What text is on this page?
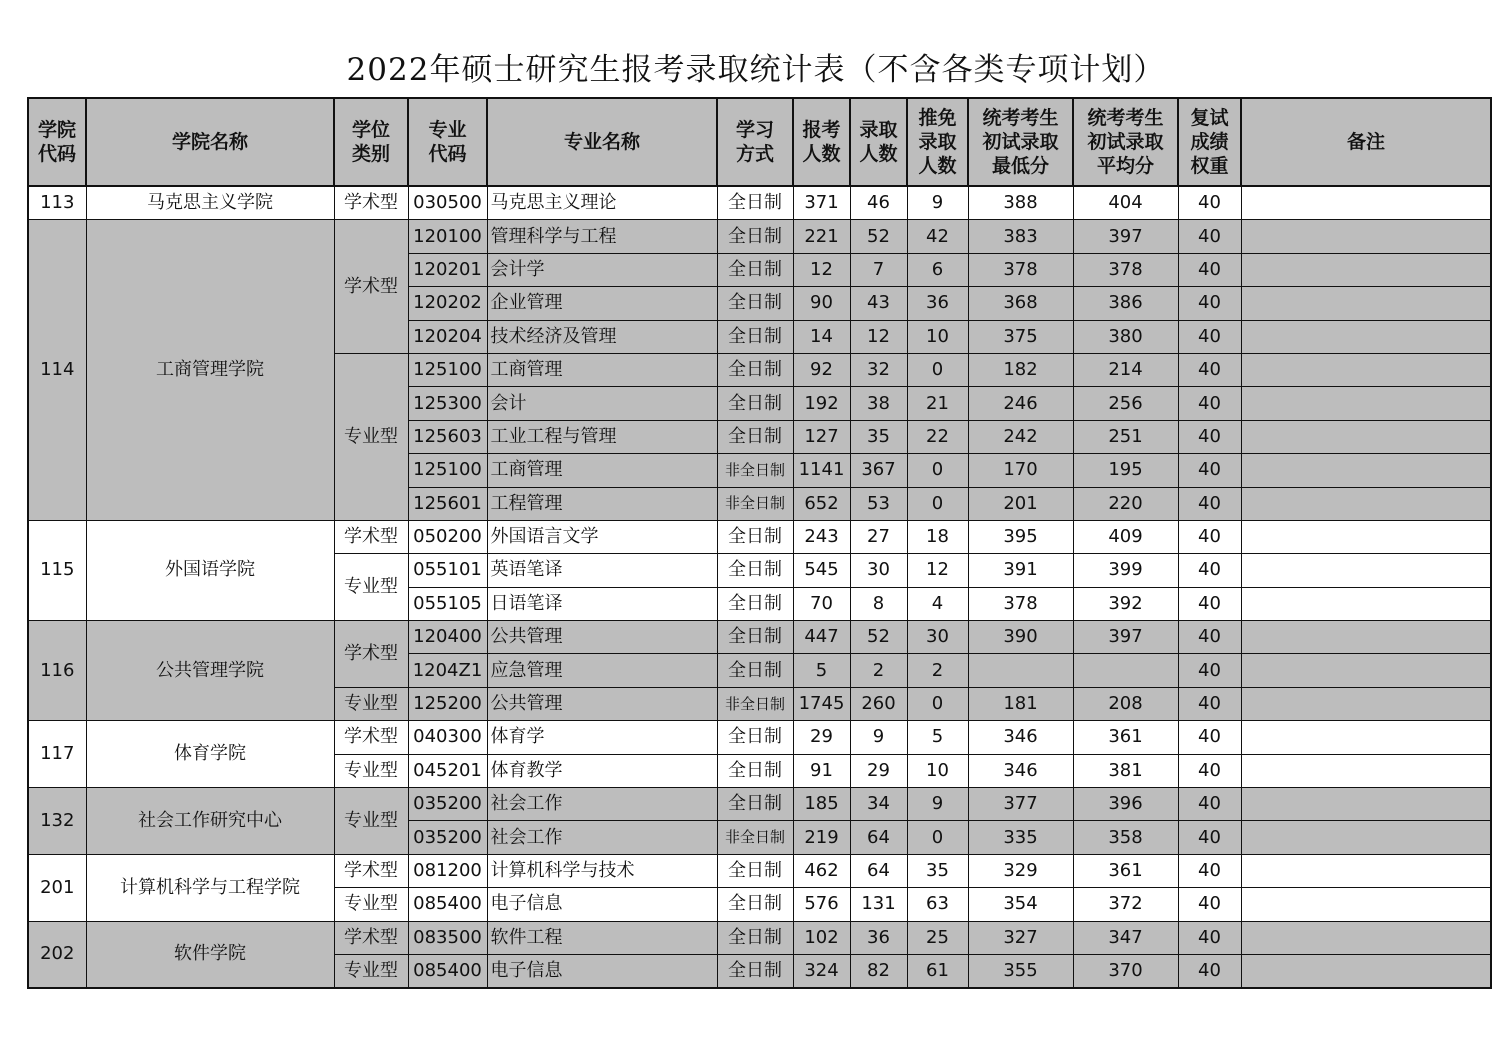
2022年硕士研究生报考录取统计表（不含各类专项计划）
学院代码	学院名称	学位类别	专业代码	专业名称	学习方式	报考人数	录取人数	推免录取人数	统考考生初试录取最低分	统考考生初试录取平均分	复试成绩权重	备注
113	马克思主义学院	学术型	030500	马克思主义理论	全日制	371	46	9	388	404	40	
114	工商管理学院	学术型	120100	管理科学与工程	全日制	221	52	42	383	397	40	
			120201	会计学	全日制	12	7	6	378	378	40	
			120202	企业管理	全日制	90	43	36	368	386	40	
			120204	技术经济及管理	全日制	14	12	10	375	380	40	
		专业型	125100	工商管理	全日制	92	32	0	182	214	40	
			125300	会计	全日制	192	38	21	246	256	40	
			125603	工业工程与管理	全日制	127	35	22	242	251	40	
			125100	工商管理	非全日制	1141	367	0	170	195	40	
			125601	工程管理	非全日制	652	53	0	201	220	40	
115	外国语学院	学术型	050200	外国语言文学	全日制	243	27	18	395	409	40	
		专业型	055101	英语笔译	全日制	545	30	12	391	399	40	
			055105	日语笔译	全日制	70	8	4	378	392	40	
116	公共管理学院	学术型	120400	公共管理	全日制	447	52	30	390	397	40	
			1204Z1	应急管理	全日制	5	2	2			40	
		专业型	125200	公共管理	非全日制	1745	260	0	181	208	40	
117	体育学院	学术型	040300	体育学	全日制	29	9	5	346	361	40	
		专业型	045201	体育教学	全日制	91	29	10	346	381	40	
132	社会工作研究中心	专业型	035200	社会工作	全日制	185	34	9	377	396	40	
			035200	社会工作	非全日制	219	64	0	335	358	40	
201	计算机科学与工程学院	学术型	081200	计算机科学与技术	全日制	462	64	35	329	361	40	
		专业型	085400	电子信息	全日制	576	131	63	354	372	40	
202	软件学院	学术型	083500	软件工程	全日制	102	36	25	327	347	40	
		专业型	085400	电子信息	全日制	324	82	61	355	370	40	
